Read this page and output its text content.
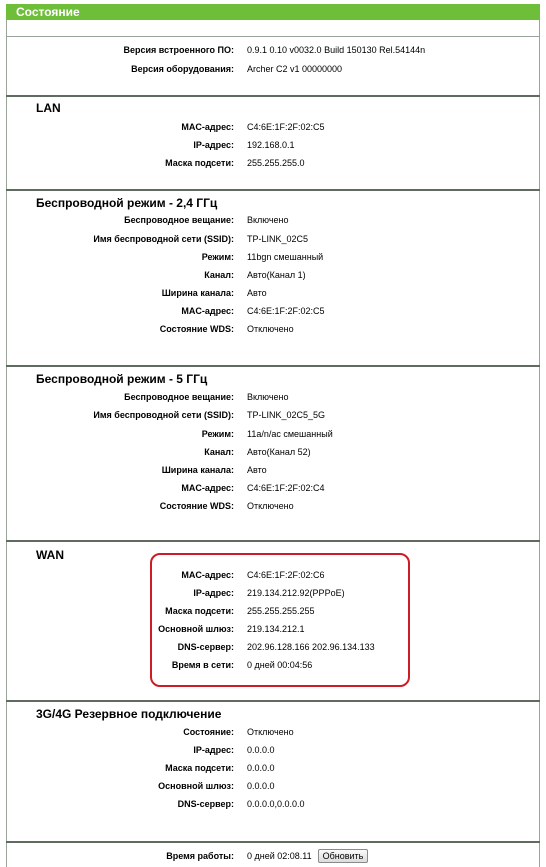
Состояние
Версия встроенного ПО: 0.9.1 0.10 v0032.0 Build 150130 Rel.54144n
Версия оборудования: Archer C2 v1 00000000
LAN
MAC-адрес: C4:6E:1F:2F:02:C5
IP-адрес: 192.168.0.1
Маска подсети: 255.255.255.0
Беспроводной режим - 2,4 ГГц
Беспроводное вещание: Включено
Имя беспроводной сети (SSID): TP-LINK_02C5
Режим: 11bgn смешанный
Канал: Авто(Канал 1)
Ширина канала: Авто
MAC-адрес: C4:6E:1F:2F:02:C5
Состояние WDS: Отключено
Беспроводной режим - 5 ГГц
Беспроводное вещание: Включено
Имя беспроводной сети (SSID): TP-LINK_02C5_5G
Режим: 11a/n/ac смешанный
Канал: Авто(Канал 52)
Ширина канала: Авто
MAC-адрес: C4:6E:1F:2F:02:C4
Состояние WDS: Отключено
WAN
MAC-адрес: C4:6E:1F:2F:02:C6
IP-адрес: 219.134.212.92(PPPoE)
Маска подсети: 255.255.255.255
Основной шлюз: 219.134.212.1
DNS-сервер: 202.96.128.166 202.96.134.133
Время в сети: 0 дней 00:04:56
3G/4G Резервное подключение
Состояние: Отключено
IP-адрес: 0.0.0.0
Маска подсети: 0.0.0.0
Основной шлюз: 0.0.0.0
DNS-сервер: 0.0.0.0,0.0.0.0
Время работы: 0 дней 02:08.11	Обновить
